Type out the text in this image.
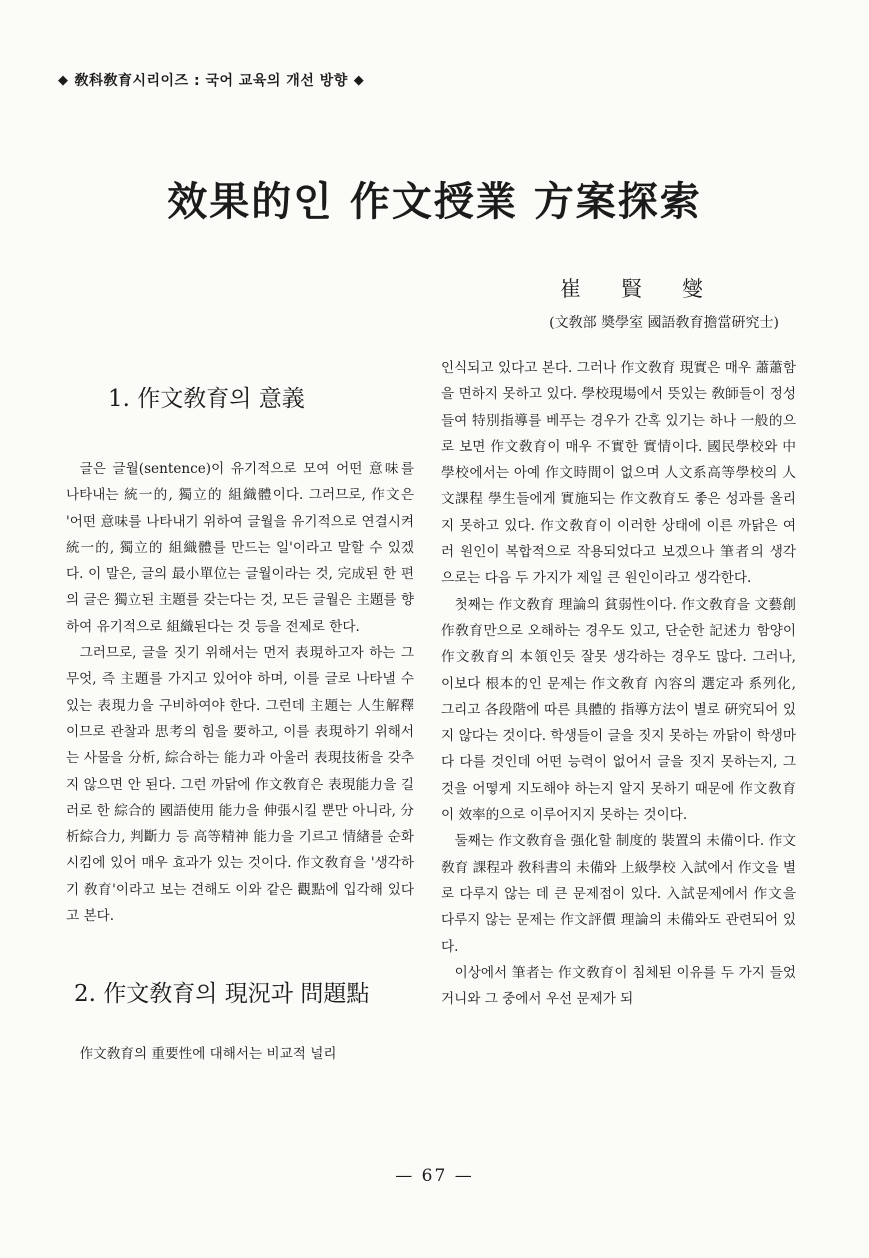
◆ 敎科敎育시리이즈 : 국어 교육의 개선 방향 ◆
效果的인 作文授業 方案探索
崔賢燮
(文敎部 奬學室 國語敎育擔當硏究士)
1. 作文敎育의 意義

글은 글월(sentence)이 유기적으로 모여 어떤 意味를 나타내는 統一的, 獨立的 組織體이다. 그러므로, 作文은 '어떤 意味를 나타내기 위하여 글월을 유기적으로 연결시켜 統一的, 獨立的 組織體를 만드는 일'이라고 말할 수 있겠다. 이 말은, 글의 最小單位는 글월이라는 것, 完成된 한 편의 글은 獨立된 主題를 갖는다는 것, 모든 글월은 主題를 향하여 유기적으로 組織된다는 것 등을 전제로 한다.

그러므로, 글을 짓기 위해서는 먼저 表現하고자 하는 그 무엇, 즉 主題를 가지고 있어야 하며, 이를 글로 나타낼 수 있는 表現力을 구비하여야 한다. 그런데 主題는 人生解釋이므로 관찰과 思考의 힘을 要하고, 이를 表現하기 위해서는 사물을 分析, 綜合하는 能力과 아울러 表現技術을 갖추지 않으면 안 된다. 그런 까닭에 作文敎育은 表現能力을 길러로 한 綜合的 國語使用 能力을 伸張시킬 뿐만 아니라, 分析綜合力, 判斷力 등 高等精神 能力을 기르고 情緖를 순화시킴에 있어 매우 효과가 있는 것이다. 作文敎育을 '생각하기 敎育'이라고 보는 견해도 이와 같은 觀點에 입각해 있다고 본다.

2. 作文敎育의 現況과 問題點

作文敎育의 重要性에 대해서는 비교적 널리

인식되고 있다고 본다. 그러나 作文敎育 現實은 매우 蕭蕭함을 면하지 못하고 있다. 學校現場에서 뜻있는 敎師들이 정성들여 特別指導를 베푸는 경우가 간혹 있기는 하나 一般的으로 보면 作文敎育이 매우 不實한 實情이다. 國民學校와 中學校에서는 아예 作文時間이 없으며 人文系高等學校의 人文課程 學生들에게 實施되는 作文敎育도 좋은 성과를 올리지 못하고 있다. 作文敎育이 이러한 상태에 이른 까닭은 여러 원인이 복합적으로 작용되었다고 보겠으나 筆者의 생각으로는 다음 두 가지가 제일 큰 원인이라고 생각한다.

첫째는 作文敎育 理論의 貧弱性이다. 作文敎育을 文藝創作敎育만으로 오해하는 경우도 있고, 단순한 記述力 함양이 作文敎育의 本領인듯 잘못 생각하는 경우도 많다. 그러나, 이보다 根本的인 문제는 作文敎育 內容의 選定과 系列化, 그리고 各段階에 따른 具體的 指導方法이 별로 硏究되어 있지 않다는 것이다. 학생들이 글을 짓지 못하는 까닭이 학생마다 다를 것인데 어떤 능력이 없어서 글을 짓지 못하는지, 그것을 어떻게 지도해야 하는지 알지 못하기 때문에 作文敎育이 效率的으로 이루어지지 못하는 것이다.

둘째는 作文敎育을 强化할 制度的 裝置의 未備이다. 作文敎育 課程과 敎科書의 未備와 上級學校 入試에서 作文을 별로 다루지 않는 데 큰 문제점이 있다. 入試문제에서 作文을 다루지 않는 문제는 作文評價 理論의 未備와도 관련되어 있다.

이상에서 筆者는 作文敎育이 침체된 이유를 두 가지 들었거니와 그 중에서 우선 문제가 되

— 67 —
